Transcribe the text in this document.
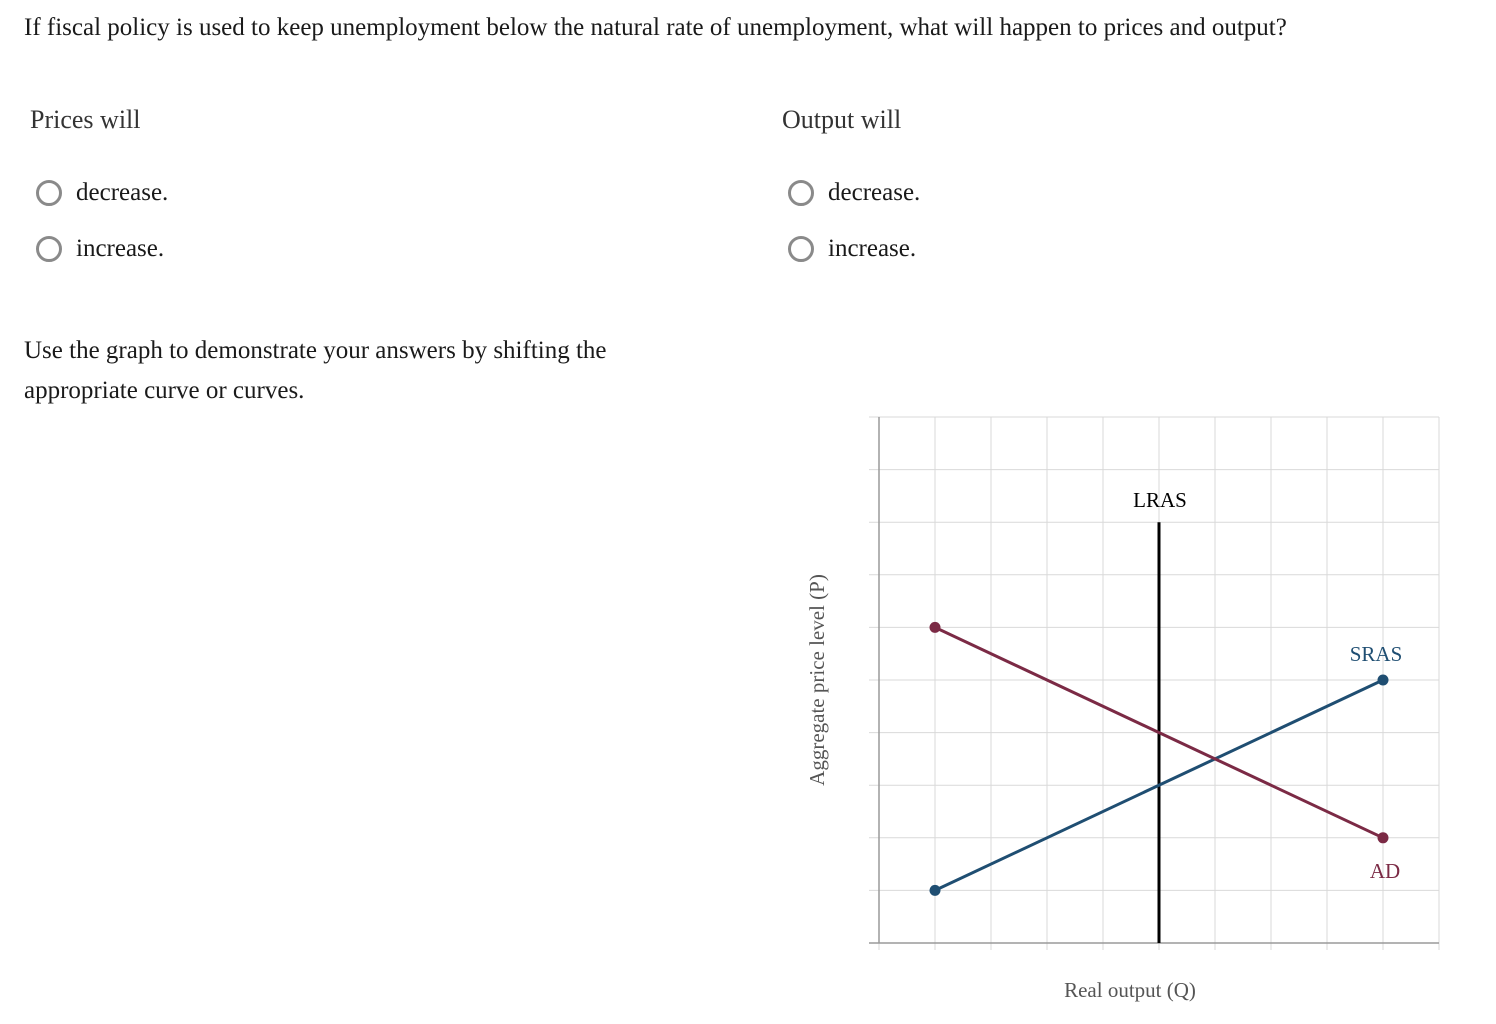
If fiscal policy is used to keep unemployment below the natural rate of unemployment, what will happen to prices and output?
Prices will
decrease.
increase.
Output will
decrease.
increase.

Use the graph to demonstrate your answers by shifting the
appropriate curve or curves.

LRAS
SRAS
AD
Real output (Q)
Aggregate price level (P)
